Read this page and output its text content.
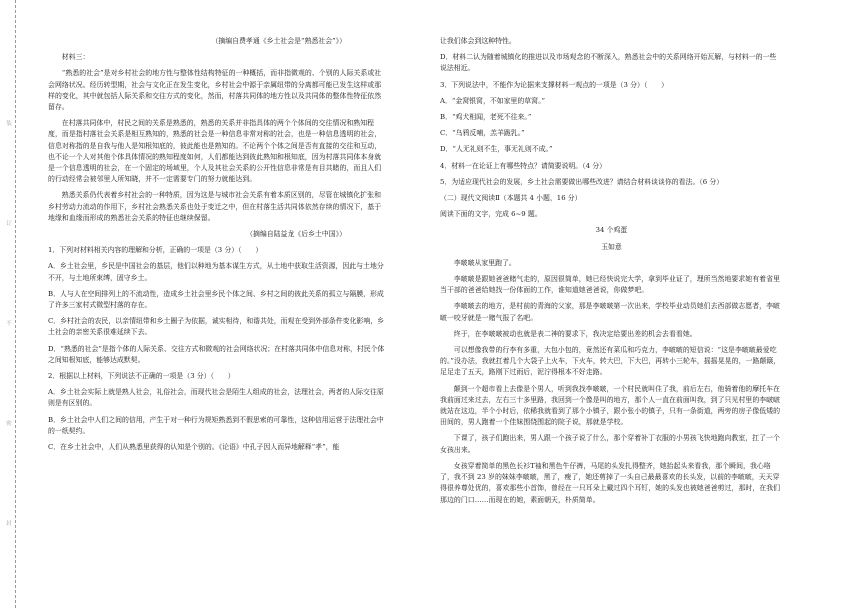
（摘编自费孝通《乡土社会是“熟悉社会”》）

材料三：

“熟悉的社会”是对乡村社会的地方性与整体性结构特征的一种概括，而非指微观的、个别的人际关系或社会网络状况。经历转型期，社会与文化正在发生变化，乡村社会中源于亲属纽带的分离都可能已发生这样或那样的变化，其中就包括人际关系和交往方式的变化，然而，村落共同体的地方性以及共同体的整体性特征依然留存。

在村落共同体中，村民之间的关系是熟悉的，熟悉的关系并非指具体的两个个体间的交往情况和熟知程度，而是指村落社会关系是相互熟知的，熟悉的社会是一种信息非常对称的社会，也是一种信息透明的社会，信息对称指的是自我与他人是知根知底的，彼此能也是熟知的。不论两个个体之间是否有直接的交往和互动，也不论一个人对其他个体具体情况的熟知程度如何，人们都能达到彼此熟知和根知底，因为村落共同体本身就是一个信息透明的社会，在一个固定的场域里，个人及其社会关系的公开性信息非常是有目共睹的，而且人们的行动经常会被邻里人所知晓，并不一定需要专门的努力就能达到。

熟悉关系仍代表着乡村社会的一种特质，因为这是与城市社会关系有着本质区别的，尽管在城镇化扩张和乡村劳动力流动的作用下，乡村社会熟悉关系也处于变迁之中，但在村落生活共同体依然存续的情况下，基于地缘和血缘而形成的熟悉社会关系的特征也继续保留。

（摘编自陆益龙《后乡土中国》）

1．下列对材料相关内容的理解和分析，正确的一项是（3 分）（　　）

A．乡土社会里，乡民是中国社会的基层，他们以种地为基本谋生方式，从土地中获取生活资源，因此与土地分不开，与土地所束缚，固守乡土。

B．人与人在空间排列上的不流动性，造成乡土社会里乡民个体之间、乡村之间的彼此关系的孤立与隔膜，形成了许多三家村式微型村落的存在。

C．乡村社会的农民，以亲情纽带和乡土圈子为依据，诚实相待，和谐共处，而观在受到外部条件变化影响，乡土社会的亲密关系很难延续下去。

D．“熟悉的社会”是指个体的人际关系、交往方式和微观的社会网络状况；在村落共同体中信息对称，村民个体之间知根知底，能够达成默契。

2．根据以上材料，下列说法不正确的一项是（3 分）（　　）

A．乡土社会实际上就是熟人社会，礼俗社会，而现代社会是陌生人组成的社会，法理社会，两者的人际交往原则是有区别的。

B．乡土社会中人们之间的信用，产生于对一种行为规矩熟悉到不假思索的可靠性，这种信用运营于法理社会中的一纸契约。

C．在乡土社会中，人们从熟悉里获得的认知是个别的。《论语》中孔子因人而异地解释“孝”，能

让我们体会到这种特性。

D．材料二认为随着城镇化的推进以及市场观念的不断深入，熟悉社会中的关系网络开始瓦解，与材料一的一些说法相近。

3．下列说法中，不能作为论据来支撑材料一观点的一项是（3 分）（　　）

A．“金窝银窝，不如家里的草窝。”

B．“鸡犬相闻，老死不往来。”

C．“乌鸦反哺，羔羊跪乳。”

D．“人无礼则不生，事无礼则不成。”

4．材料一在论证上有哪些特点？请简要说明。（4 分）

5．为适应现代社会的发展，乡土社会需要做出哪些改进？请结合材料谈谈你的看法。（6 分）

（二）现代文阅读Ⅱ（本题共 4 小题，16 分）

阅读下面的文字，完成 6~9 题。

34 个鸡蛋

玉如意

李啵啵从家里跑了。

李啵啵是跟她爸爸赌气走的，原因很简单，她已经快说完大学，拿到毕业证了，理所当然地要求她有着省里当干部的爸爸给她找一份体面的工作，谁知道她爸爸说，你做梦吧。

李啵啵去的地方，是村前的青海的父家，那是李啵啵第一次出来，学校毕业动员她们去西部做志愿者，李啵啵一咬牙就是一赌气报了名吧。

终于，在李啵啵被动也就是表二神的要求下，我决定给要出差的机会去看看她。

可以想像我带的行李有多重，大包小包的，竟然还有菜瓜和巧克力，李啵啵的短信说：“这是李啵啵最爱吃的。”没办法，我就扛着几个大袋子上火车，下火车，转大巴，下大巴，再转小三轮车，摇摇晃晃的，一路颠簸，足足走了五天，路刚下过雨后，泥泞得根本不好走路。

颠到一个超市看上去像是个男人，听到我找李啵啵，一个村民就叫住了我，前后左右，他骑着他的摩托车在我前面过来过去，左右三十多里路，我回到一个像是叫的地方，那个人一直在前面叫我，到了只见村里的李啵啵就站在这边，半个小时后，依稀我就看到了那个小镇子，跟小张小的镇子，只有一条街道，两旁的房子像低矮的田间的，男人跑着一个佳妹围绕围起的院子说，那就是学校。

下课了，孩子们跑出来，男人跟一个孩子说了什么，那个穿着补丁衣服的小男孩飞快地跑向教室，扛了一个女孩出来。

女孩穿着简单的黑色长衫T袖和黑色牛仔裤，马尾的头发扎得整齐，她抬起头来看我，那个瞬间，我心咯了，我不到 23 岁的妹妹李啵啵，黑了，瘦了，她还剪掉了一头自己最最喜欢的长头发，以前的李啵啵，天天穿得很养尊处优的，喜欢那些小首饰，曾经在一只耳朵上戴过四个耳钉，她的头发也被她爸爸剪过，那时，在我们那边的门口……而现在的她，素面朝天，朴质简单。

装
订
不
密
封
